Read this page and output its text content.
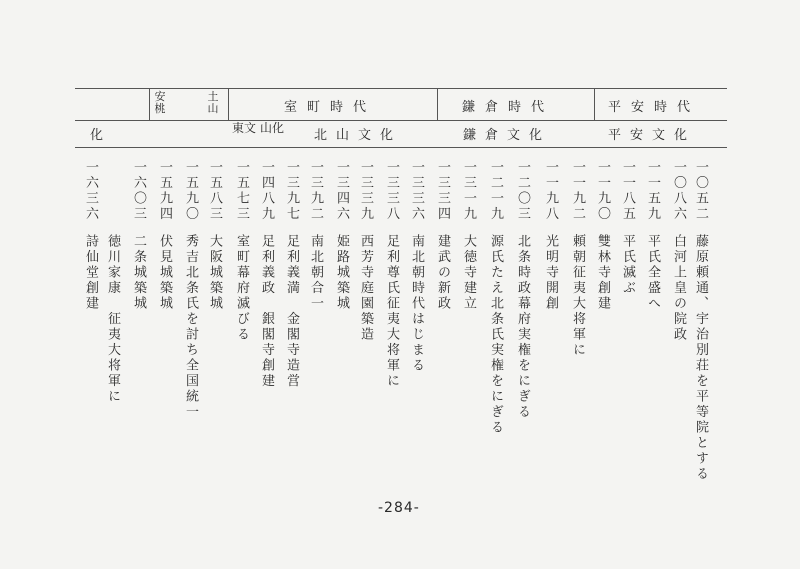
平安時代
鎌倉時代
室町時代
安桃
土山
平安文化
鎌倉文化
北山文化
東文 山化
化
一〇五二
藤原頼通、宇治別荘を平等院とする
一〇八六
白河上皇の院政
一一五九
平氏全盛へ
一一八五
平氏滅ぶ
一一九〇
雙林寺創建
一一九二
頼朝征夷大将軍に
一一九八
光明寺開創
一二〇三
北条時政幕府実権をにぎる
一二一九
源氏たえ北条氏実権をにぎる
一三一九
大徳寺建立
一三三四
建武の新政
一三三六
南北朝時代はじまる
一三三八
足利尊氏征夷大将軍に
一三三九
西芳寺庭園築造
一三四六
姫路城築城
一三九二
南北朝合一
一三九七
足利義満　金閣寺造営
一四八九
足利義政　銀閣寺創建
一五七三
室町幕府滅びる
一五八三
大阪城築城
一五九〇
秀吉北条氏を討ち全国統一
一五九四
伏見城築城
一六〇三
二条城築城
徳川家康　征夷大将軍に
一六三六
詩仙堂創建
-284-
